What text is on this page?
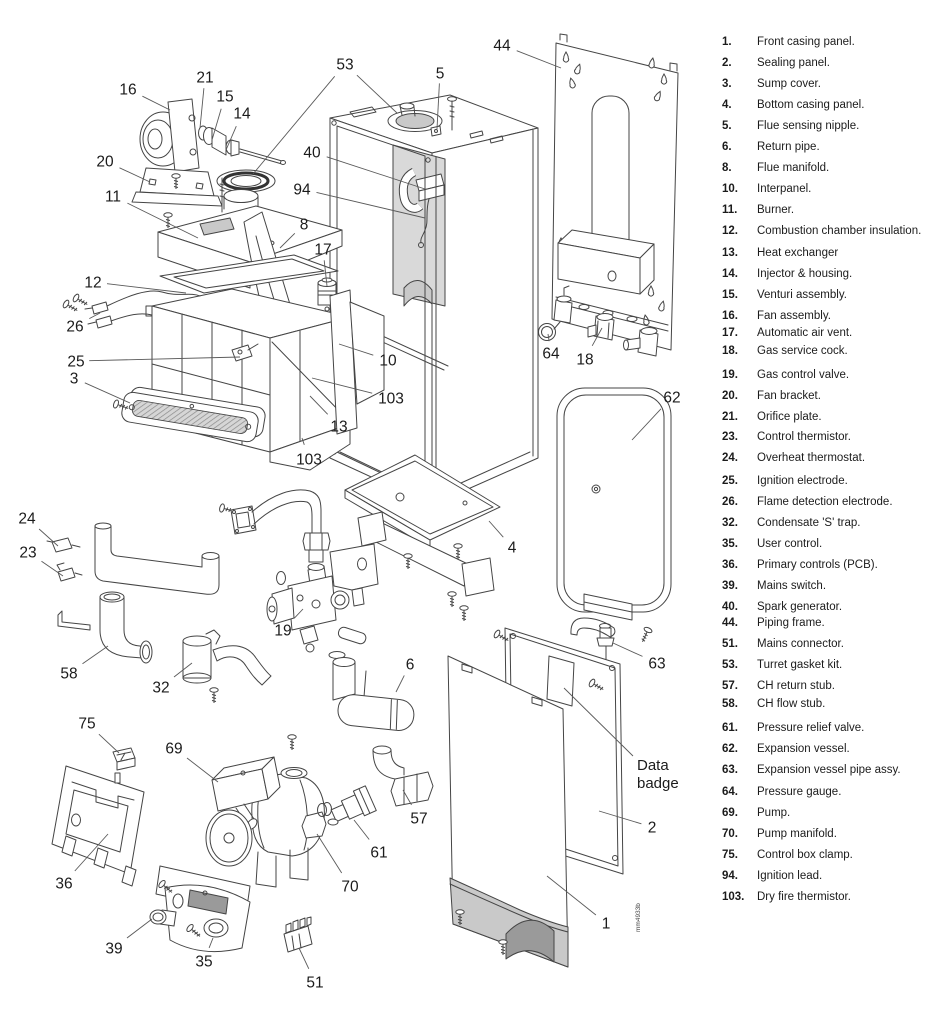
Data
badge
mm4933b
16
21
15
14
20
11
12
26
25
3
53
5
44
40
94
8
17
10
103
13
103
24
23
58
32
19
4
64 18
62
63
6
57
61
70
75
69
36
39
35
51
1
2
1. Front casing panel.
2. Sealing panel.
3. Sump cover.
4. Bottom casing panel.
5. Flue sensing nipple.
6. Return pipe.
8. Flue manifold.
10. Interpanel.
11. Burner.
12. Combustion chamber insulation.
13. Heat exchanger
14. Injector & housing.
15. Venturi assembly.
16. Fan assembly.
17. Automatic air vent.
18. Gas service cock.
19. Gas control valve.
20. Fan bracket.
21. Orifice plate.
23. Control thermistor.
24. Overheat thermostat.
25. Ignition electrode.
26. Flame detection electrode.
32. Condensate 'S' trap.
35. User control.
36. Primary controls (PCB).
39. Mains switch.
40. Spark generator.
44. Piping frame.
51. Mains connector.
53. Turret gasket kit.
57. CH return stub.
58. CH flow stub.
61. Pressure relief valve.
62. Expansion vessel.
63. Expansion vessel pipe assy.
64. Pressure gauge.
69. Pump.
70. Pump manifold.
75. Control box clamp.
94. Ignition lead.
103. Dry fire thermistor.
